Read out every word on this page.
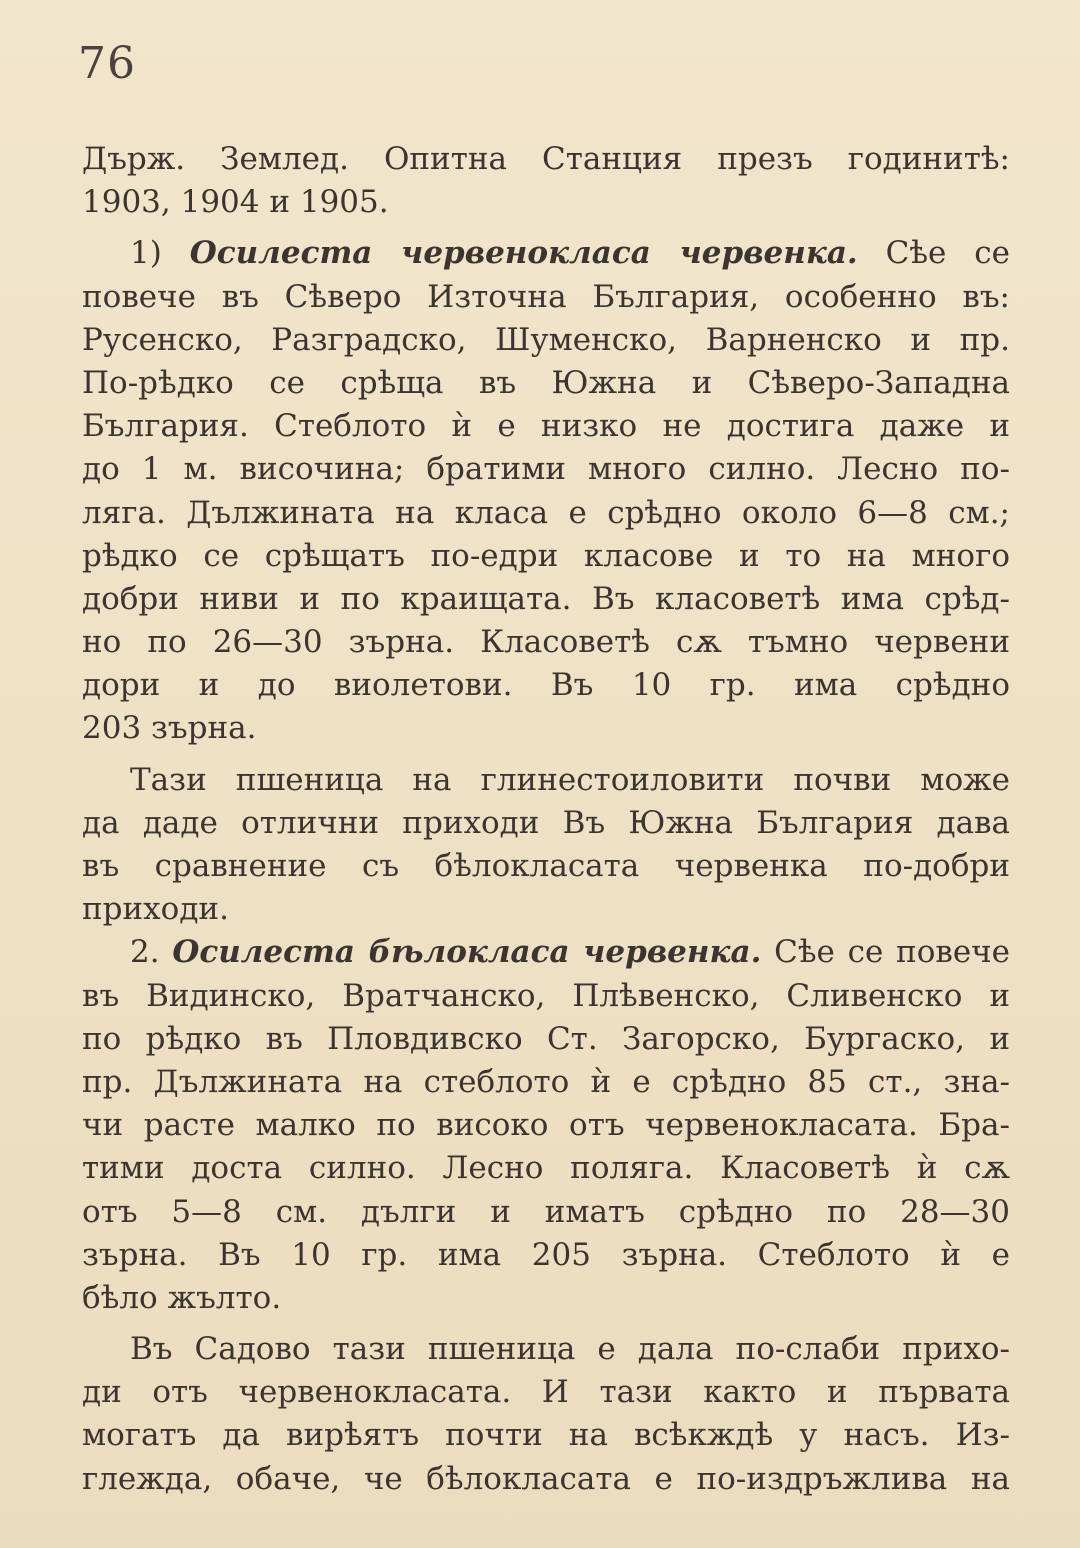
76
Държ. Землед. Опитна Станция презъ годинитѣ:
1903, 1904 и 1905.
1) Осилеста червенокласа червенка. Сѣе се
повече въ Сѣверо Източна България, особенно въ:
Русенско, Разградско, Шуменско, Варненско и пр.
По-рѣдко се срѣща въ Южна и Сѣверо-Западна
България. Стеблото ѝ е низко не достига даже и
до 1 м. височина; братими много силно. Лесно по-
ляга. Дължината на класа е срѣдно около 6—8 см.;
рѣдко се срѣщатъ по-едри класове и то на много
добри ниви и по краищата. Въ класоветѣ има срѣд-
но по 26—30 зърна. Класоветѣ сѫ тъмно червени
дори и до виолетови. Въ 10 гр. има срѣдно
203 зърна.
Тази пшеница на глинестоиловити почви може
да даде отлични приходи Въ Южна България дава
въ сравнение съ бѣлокласата червенка по-добри
приходи.
2. Осилеста бѣлокласа червенка. Сѣе се повече
въ Видинско, Вратчанско, Плѣвенско, Сливенско и
по рѣдко въ Пловдивско Ст. Загорско, Бургаско, и
пр. Дължината на стеблото ѝ е срѣдно 85 ст., зна-
чи расте малко по високо отъ червенокласата. Бра-
тими доста силно. Лесно поляга. Класоветѣ ѝ сѫ
отъ 5—8 см. дълги и иматъ срѣдно по 28—30
зърна. Въ 10 гр. има 205 зърна. Стеблото ѝ е
бѣло жълто.
Въ Садово тази пшеница е дала по-слаби прихо-
ди отъ червенокласата. И тази както и първата
могатъ да вирѣятъ почти на всѣкждѣ у насъ. Из-
глежда, обаче, че бѣлокласата е по-издръжлива на
